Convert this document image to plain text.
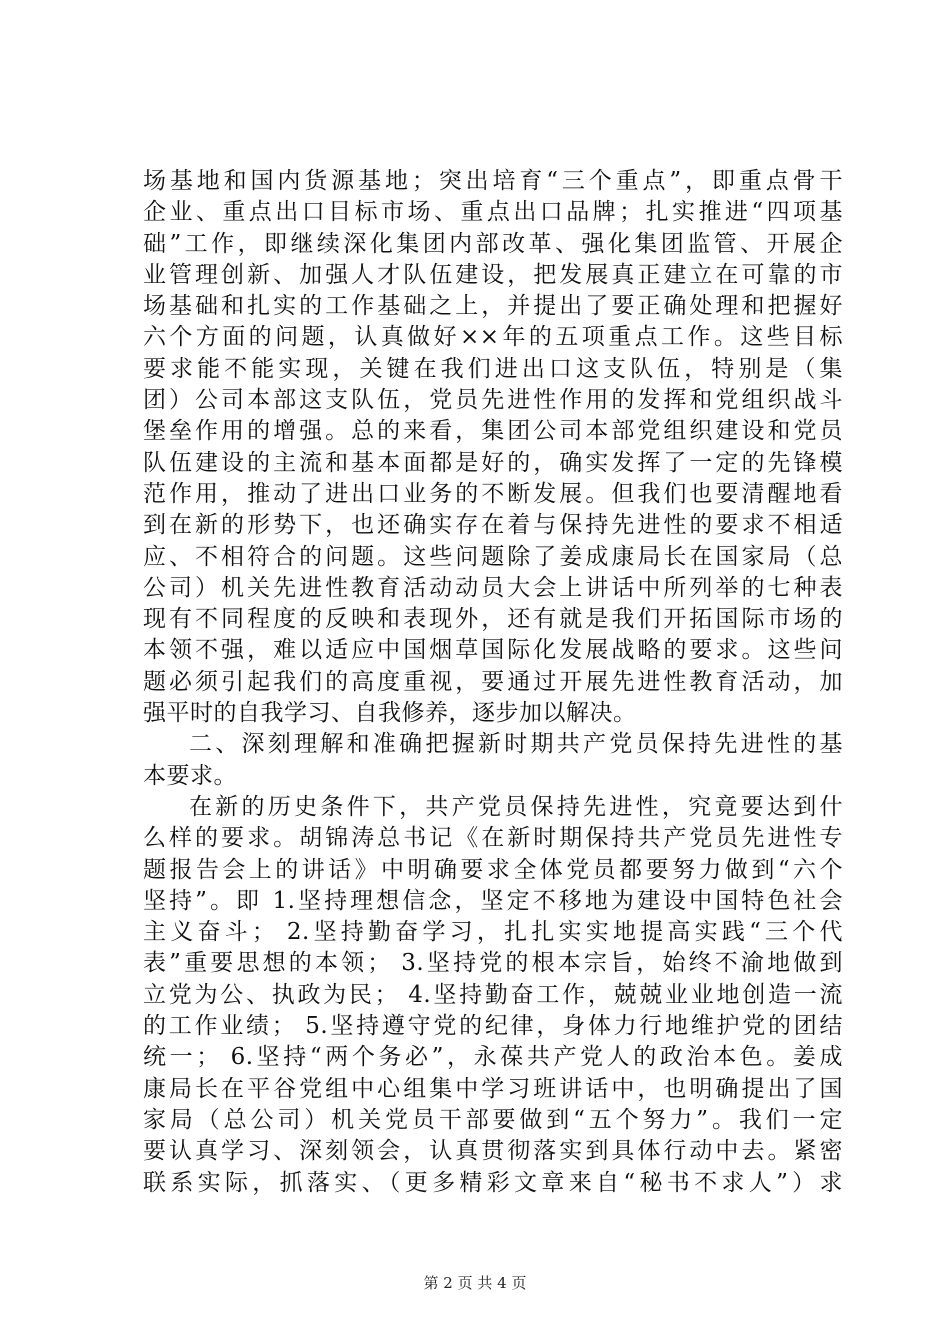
场基地和国内货源基地；突出培育“三个重点”，即重点骨干
企业、重点出口目标市场、重点出口品牌；扎实推进“四项基
础”工作，即继续深化集团内部改革、强化集团监管、开展企
业管理创新、加强人才队伍建设，把发展真正建立在可靠的市
场基础和扎实的工作基础之上，并提出了要正确处理和把握好
六个方面的问题，认真做好××年的五项重点工作。这些目标
要求能不能实现，关键在我们进出口这支队伍，特别是（集
团）公司本部这支队伍，党员先进性作用的发挥和党组织战斗
堡垒作用的增强。总的来看，集团公司本部党组织建设和党员
队伍建设的主流和基本面都是好的，确实发挥了一定的先锋模
范作用，推动了进出口业务的不断发展。但我们也要清醒地看
到在新的形势下，也还确实存在着与保持先进性的要求不相适
应、不相符合的问题。这些问题除了姜成康局长在国家局（总
公司）机关先进性教育活动动员大会上讲话中所列举的七种表
现有不同程度的反映和表现外，还有就是我们开拓国际市场的
本领不强，难以适应中国烟草国际化发展战略的要求。这些问
题必须引起我们的高度重视，要通过开展先进性教育活动，加
强平时的自我学习、自我修养，逐步加以解决。
二、深刻理解和准确把握新时期共产党员保持先进性的基
本要求。
在新的历史条件下，共产党员保持先进性，究竟要达到什
么样的要求。胡锦涛总书记《在新时期保持共产党员先进性专
题报告会上的讲话》中明确要求全体党员都要努力做到“六个
坚持”。即 1.坚持理想信念，坚定不移地为建设中国特色社会
主义奋斗； 2.坚持勤奋学习，扎扎实实地提高实践“三个代
表”重要思想的本领； 3.坚持党的根本宗旨，始终不渝地做到
立党为公、执政为民； 4.坚持勤奋工作，兢兢业业地创造一流
的工作业绩； 5.坚持遵守党的纪律，身体力行地维护党的团结
统一； 6.坚持“两个务必”，永葆共产党人的政治本色。姜成
康局长在平谷党组中心组集中学习班讲话中，也明确提出了国
家局（总公司）机关党员干部要做到“五个努力”。我们一定
要认真学习、深刻领会，认真贯彻落实到具体行动中去。紧密
联系实际，抓落实、（更多精彩文章来自“秘书不求人”）求
第 2 页 共 4 页
